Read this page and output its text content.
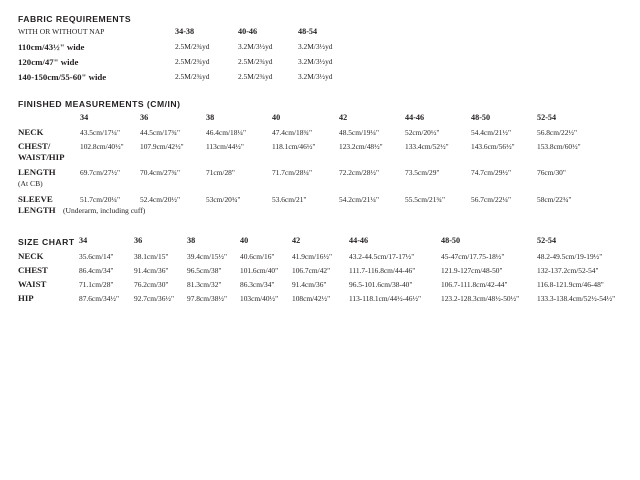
FABRIC REQUIREMENTS
WITH OR WITHOUT NAP	34-38	40-46	48-54
110cm/43½" wide	2.5M/2¾yd	3.2M/3½yd	3.2M/3½yd
120cm/47" wide	2.5M/2¾yd	2.5M/2¾yd	3.2M/3½yd
140-150cm/55-60" wide	2.5M/2¾yd	2.5M/2¾yd	3.2M/3½yd
FINISHED MEASUREMENTS (CM/IN)
34	36	38	40	42	44-46	48-50	52-54
NECK	43.5cm/17¼"	44.5cm/17¾"	46.4cm/18¼"	47.4cm/18¾"	48.5cm/19¼"	52cm/20½"	54.4cm/21½"	56.8cm/22½"
CHEST/
WAIST/HIP
102.8cm/40½" 107.9cm/42½"	113cm/44½"	118.1cm/46½"	123.2cm/48½"	133.4cm/52½"	143.6cm/56½"	153.8cm/60½"
LENGTH
(At CB)
69.7cm/27½"	70.4cm/27¾"	71cm/28"	71.7cm/28¼"	72.2cm/28½"	73.5cm/29"	74.7cm/29½"	76cm/30"
SLEEVE
LENGTH (Underarm, including cuff)
51.7cm/20¼"	52.4cm/20½"	53cm/20¾"	53.6cm/21"	54.2cm/21¼"	55.5cm/21¾"	56.7cm/22¼"	58cm/22¾"
SIZE CHART 34	36	38	40	42	44-46	48-50	52-54
NECK	35.6cm/14"	38.1cm/15"	39.4cm/15½" 40.6cm/16" 41.9cm/16½" 43.2-44.5cm/17-17½"	45-47cm/17.75-18½"	48.2-49.5cm/19-19½"
CHEST	86.4cm/34"	91.4cm/36"	96.5cm/38"	101.6cm/40" 106.7cm/42"	111.7-116.8cm/44-46"	121.9-127cm/48-50"	132-137.2cm/52-54"
WAIST	71.1cm/28"	76.2cm/30"	81.3cm/32"	86.3cm/34" 91.4cm/36"	96.5-101.6cm/38-40"	106.7-111.8cm/42-44"	116.8-121.9cm/46-48"
HIP	87.6cm/34½" 92.7cm/36½" 97.8cm/38½" 103cm/40½" 108cm/42½"	113-118.1cm/44½-46½"	123.2-128.3cm/48½-50½" 133.3-138.4cm/52½-54½"
